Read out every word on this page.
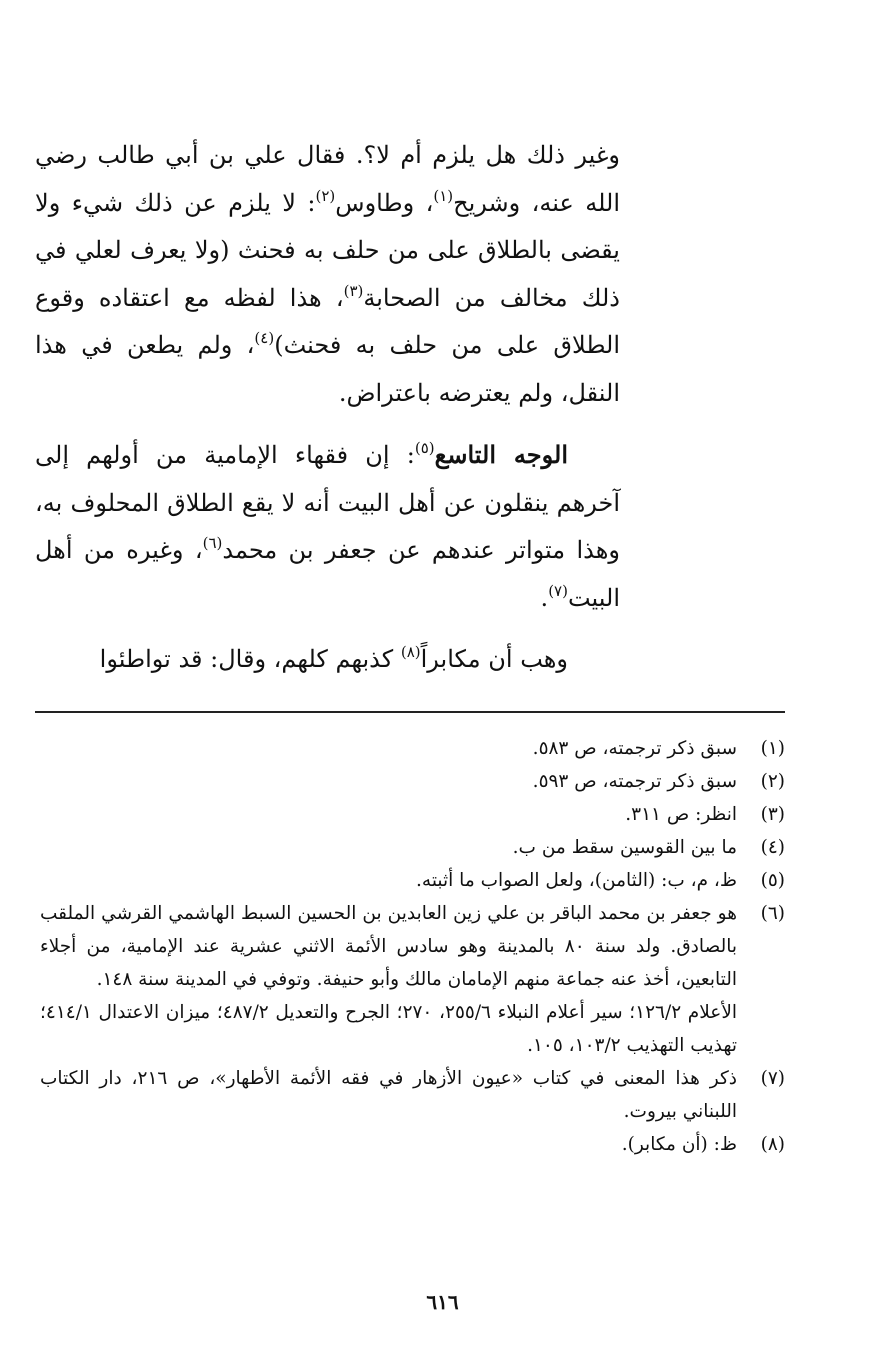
وغير ذلك هل يلزم أم لا؟. فقال علي بن أبي طالب رضي الله عنه، وشريح$^{(١)}$، وطاوس$^{(٢)}$: لا يلزم عن ذلك شيء ولا يقضى بالطلاق على من حلف به فحنث (ولا يعرف لعلي في ذلك مخالف من الصحابة$^{(٣)}$، هذا لفظه مع اعتقاده وقوع الطلاق على من حلف به فحنث)$^{(٤)}$، ولم يطعن في هذا النقل، ولم يعترضه باعتراض.

الوجه التاسع$^{(٥)}$: إن فقهاء الإمامية من أولهم إلى آخرهم ينقلون عن أهل البيت أنه لا يقع الطلاق المحلوف به، وهذا متواتر عندهم عن جعفر بن محمد$^{(٦)}$، وغيره من أهل البيت$^{(٧)}$.

وهب أن مكابراً$^{(٨)}$ كذبهم كلهم، وقال: قد تواطئوا

(١)
سبق ذكر ترجمته، ص ٥٨٣.
(٢)
سبق ذكر ترجمته، ص ٥٩٣.
(٣)
انظر: ص ٣١١.
(٤)
ما بين القوسين سقط من ب.
(٥)
ظ، م، ب: (الثامن)، ولعل الصواب ما أثبته.
(٦)
هو جعفر بن محمد الباقر بن علي زين العابدين بن الحسين السبط الهاشمي القرشي الملقب بالصادق. ولد سنة ٨٠ بالمدينة وهو سادس الأئمة الاثني عشرية عند الإمامية، من أجلاء التابعين، أخذ عنه جماعة منهم الإمامان مالك وأبو حنيفة. وتوفي في المدينة سنة ١٤٨.
الأعلام ١٢٦/٢؛ سير أعلام النبلاء ٢٥٥/٦، ٢٧٠؛ الجرح والتعديل ٤٨٧/٢؛ ميزان الاعتدال ٤١٤/١؛ تهذيب التهذيب ١٠٣/٢، ١٠٥.
(٧)
ذكر هذا المعنى في كتاب «عيون الأزهار في فقه الأئمة الأطهار»، ص ٢١٦، دار الكتاب اللبناني بيروت.
(٨)
ظ: (أن مكابر).
٦١٦
